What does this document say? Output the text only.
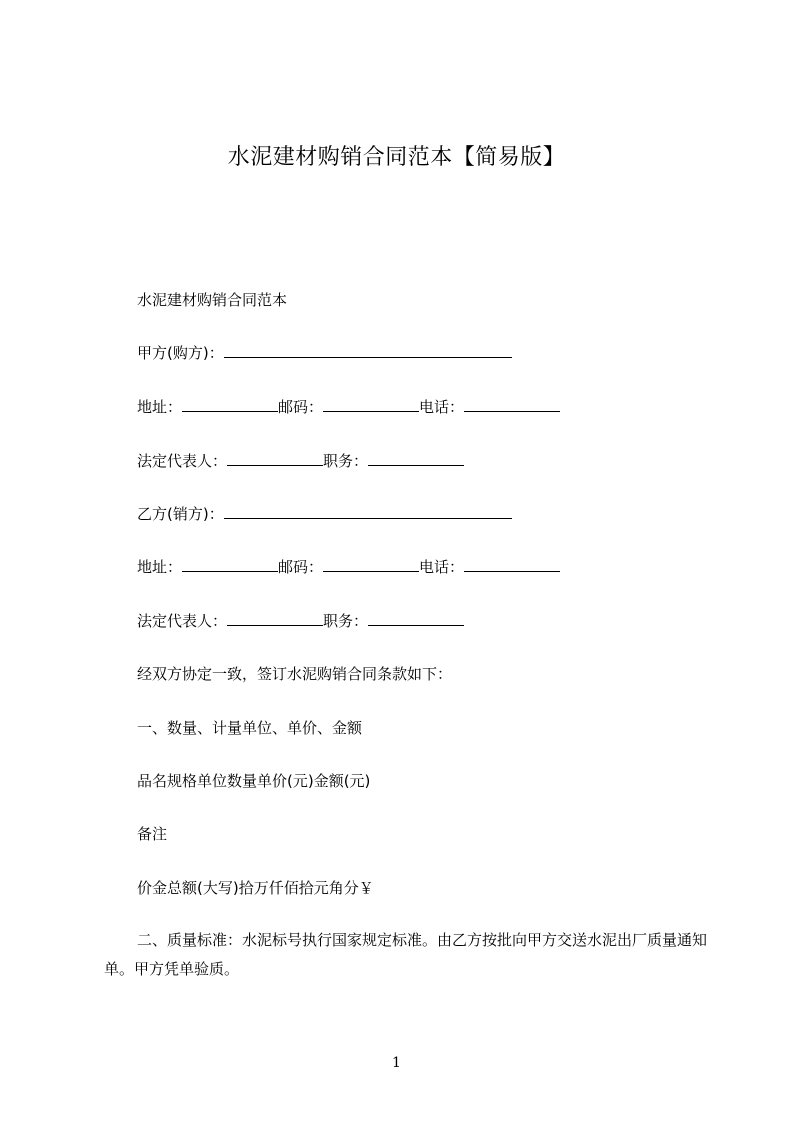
水泥建材购销合同范本【简易版】
水泥建材购销合同范本
甲方(购方)：
地址：	邮码：	电话：
法定代表人：	职务：
乙方(销方)：
地址：	邮码：	电话：
法定代表人：	职务：
经双方协定一致，签订水泥购销合同条款如下：
一、数量、计量单位、单价、金额
品名规格单位数量单价(元)金额(元)
备注
价金总额(大写)拾万仟佰拾元角分￥
二、质量标准：水泥标号执行国家规定标准。由乙方按批向甲方交送水泥出厂质量通知单。甲方凭单验质。
1
